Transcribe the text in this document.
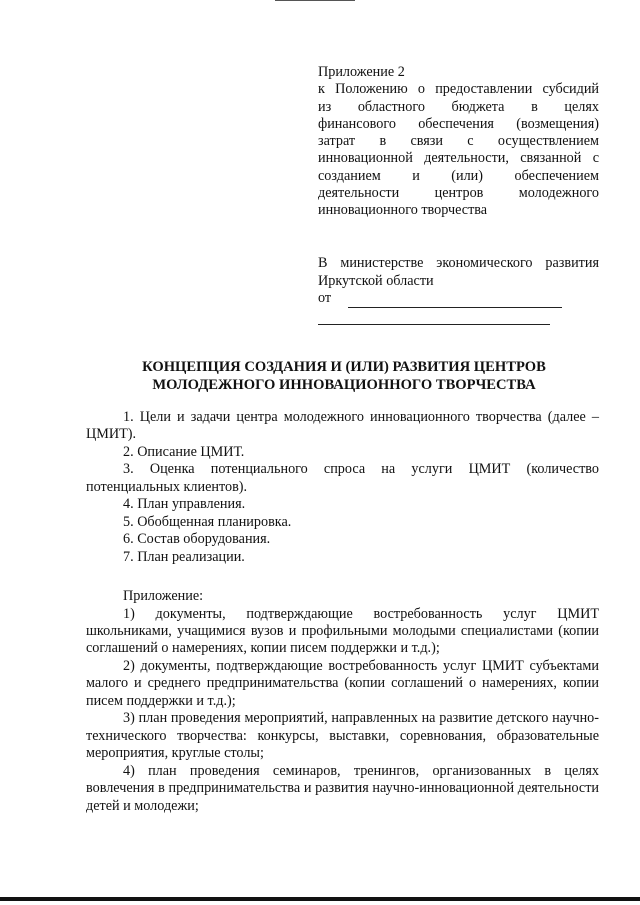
Приложение 2
к Положению о предоставлении субсидий
из областного бюджета в целях
финансового обеспечения (возмещения)
затрат в связи с осуществлением
инновационной деятельности, связанной с
созданием и (или) обеспечением
деятельности центров молодежного
инновационного творчества
В министерстве экономического развития
Иркутской области
от
КОНЦЕПЦИЯ СОЗДАНИЯ И (ИЛИ) РАЗВИТИЯ ЦЕНТРОВ
МОЛОДЕЖНОГО ИННОВАЦИОННОГО ТВОРЧЕСТВА

1. Цели и задачи центра молодежного инновационного творчества (далее – ЦМИТ).

2. Описание ЦМИТ.

3. Оценка потенциального спроса на услуги ЦМИТ (количество потенциальных клиентов).

4. План управления.

5. Обобщенная планировка.

6. Состав оборудования.

7. План реализации.

Приложение:

1) документы, подтверждающие востребованность услуг ЦМИТ школьниками, учащимися вузов и профильными молодыми специалистами (копии соглашений о намерениях, копии писем поддержки и т.д.);

2) документы, подтверждающие востребованность услуг ЦМИТ субъектами малого и среднего предпринимательства (копии соглашений о намерениях, копии писем поддержки и т.д.);

3) план проведения мероприятий, направленных на развитие детского научно-технического творчества: конкурсы, выставки, соревнования, образовательные мероприятия, круглые столы;

4) план проведения семинаров, тренингов, организованных в целях вовлечения в предпринимательства и развития научно-инновационной деятельности детей и молодежи;
